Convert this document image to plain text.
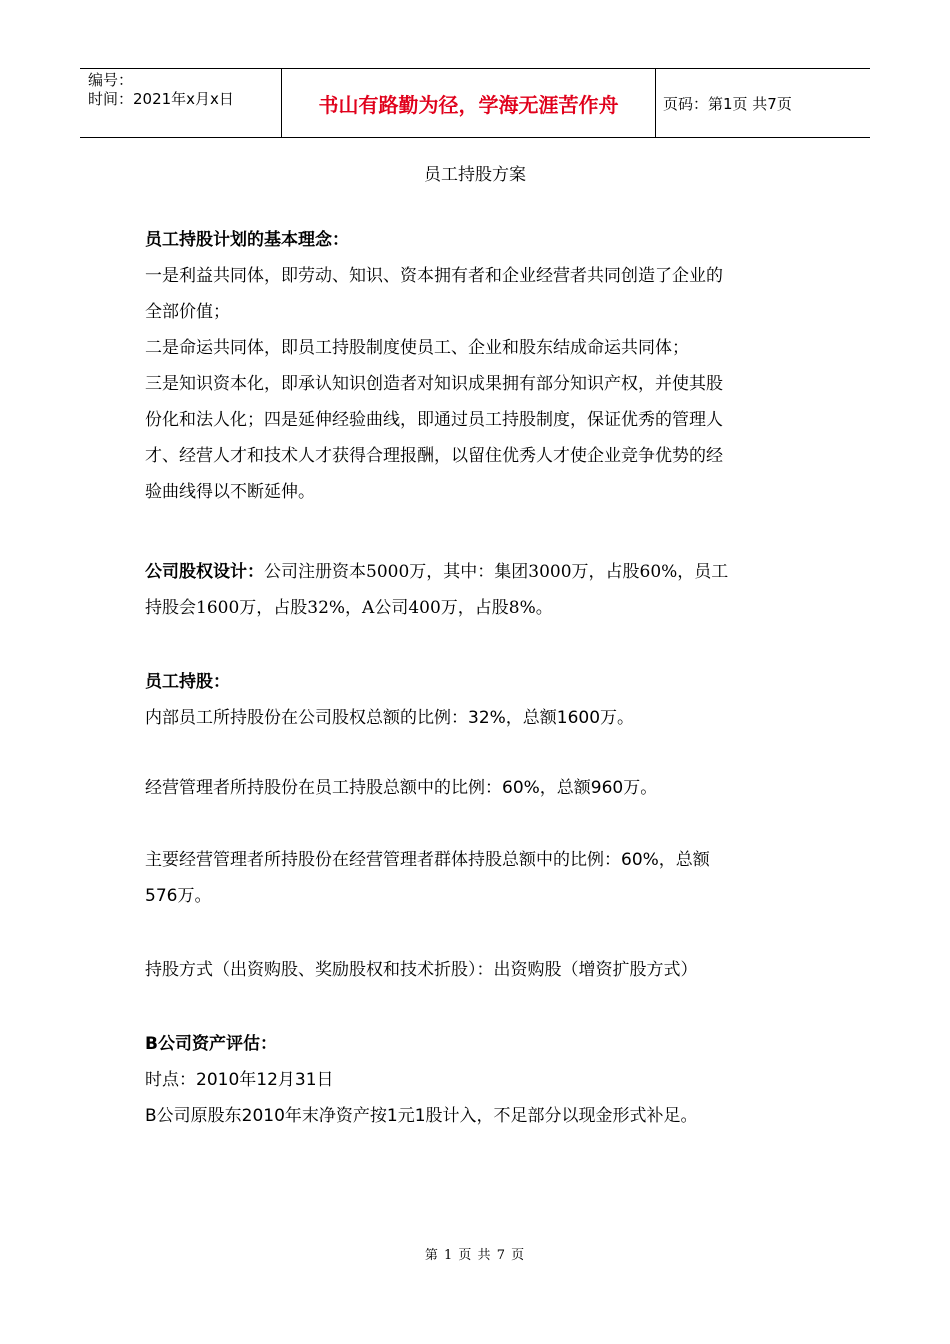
编号：
时间：2021年x月x日	书山有路勤为径，学海无涯苦作舟	页码：第1页 共7页
员工持股方案

员工持股计划的基本理念：

一是利益共同体，即劳动、知识、资本拥有者和企业经营者共同创造了企业的

全部价值；

二是命运共同体，即员工持股制度使员工、企业和股东结成命运共同体；

三是知识资本化，即承认知识创造者对知识成果拥有部分知识产权，并使其股

份化和法人化；四是延伸经验曲线，即通过员工持股制度，保证优秀的管理人

才、经营人才和技术人才获得合理报酬，以留住优秀人才使企业竞争优势的经

验曲线得以不断延伸。

公司股权设计：公司注册资本5000万，其中：集团3000万，占股60%，员工

持股会1600万，占股32%，A公司400万，占股8%。

员工持股：

内部员工所持股份在公司股权总额的比例：32%，总额1600万。

经营管理者所持股份在员工持股总额中的比例：60%，总额960万。

主要经营管理者所持股份在经营管理者群体持股总额中的比例：60%，总额

576万。

持股方式（出资购股、奖励股权和技术折股）：出资购股（增资扩股方式）

B公司资产评估：

时点：2010年12月31日

B公司原股东2010年末净资产按1元1股计入，不足部分以现金形式补足。

第 1 页 共 7 页
